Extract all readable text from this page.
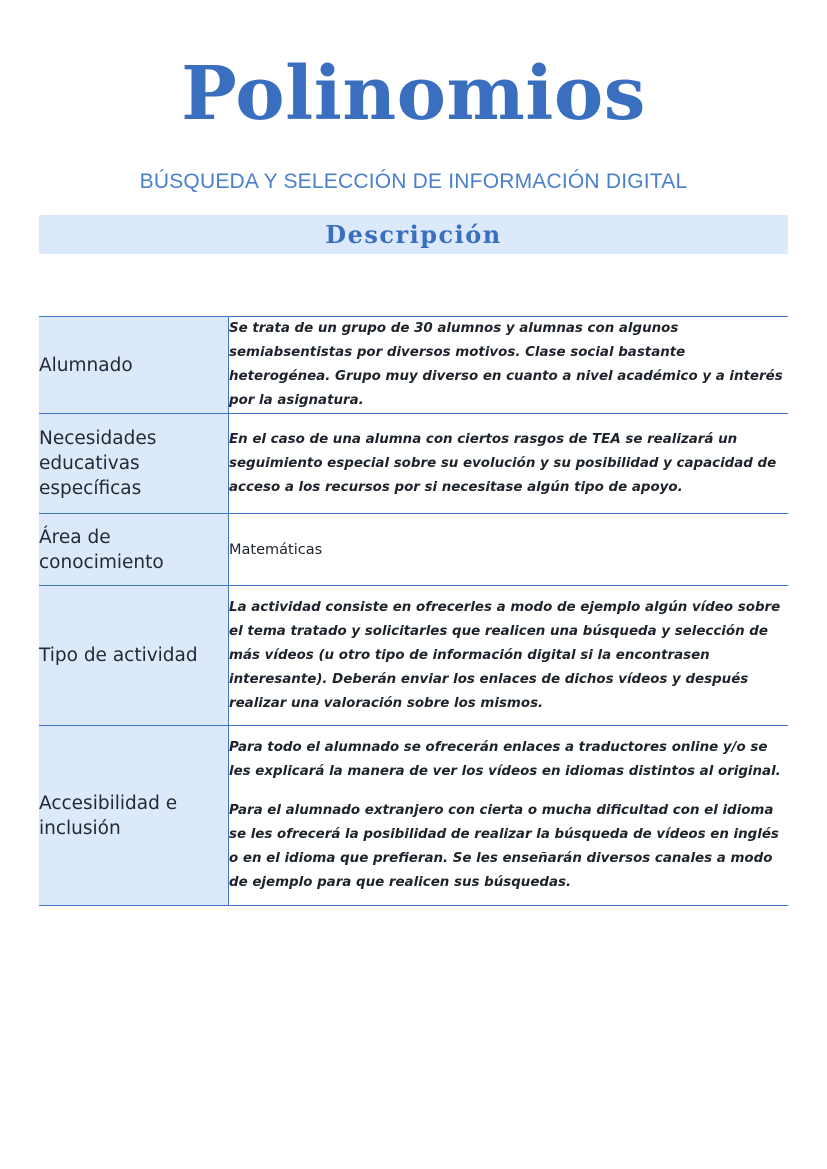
Polinomios
BÚSQUEDA Y SELECCIÓN DE INFORMACIÓN DIGITAL
Descripción
Alumnado	Se trata de un grupo de 30 alumnos y alumnas con algunos semiabsentistas por diversos motivos. Clase social bastante heterogénea. Grupo muy diverso en cuanto a nivel académico y a interés por la asignatura.

Necesidades educativas específicas	En el caso de una alumna con ciertos rasgos de TEA se realizará un seguimiento especial sobre su evolución y su posibilidad y capacidad de acceso a los recursos por si necesitase algún tipo de apoyo.

Área de conocimiento	Matemáticas

Tipo de actividad	La actividad consiste en ofrecerles a modo de ejemplo algún vídeo sobre el tema tratado y solicitarles que realicen una búsqueda y selección de más vídeos (u otro tipo de información digital si la encontrasen interesante). Deberán enviar los enlaces de dichos vídeos y después realizar una valoración sobre los mismos.

Accesibilidad e inclusión	Para todo el alumnado se ofrecerán enlaces a traductores online y/o se les explicará la manera de ver los vídeos en idiomas distintos al original.

Para el alumnado extranjero con cierta o mucha dificultad con el idioma se les ofrecerá la posibilidad de realizar la búsqueda de vídeos en inglés o en el idioma que prefieran. Se les enseñarán diversos canales a modo de ejemplo para que realicen sus búsquedas.
